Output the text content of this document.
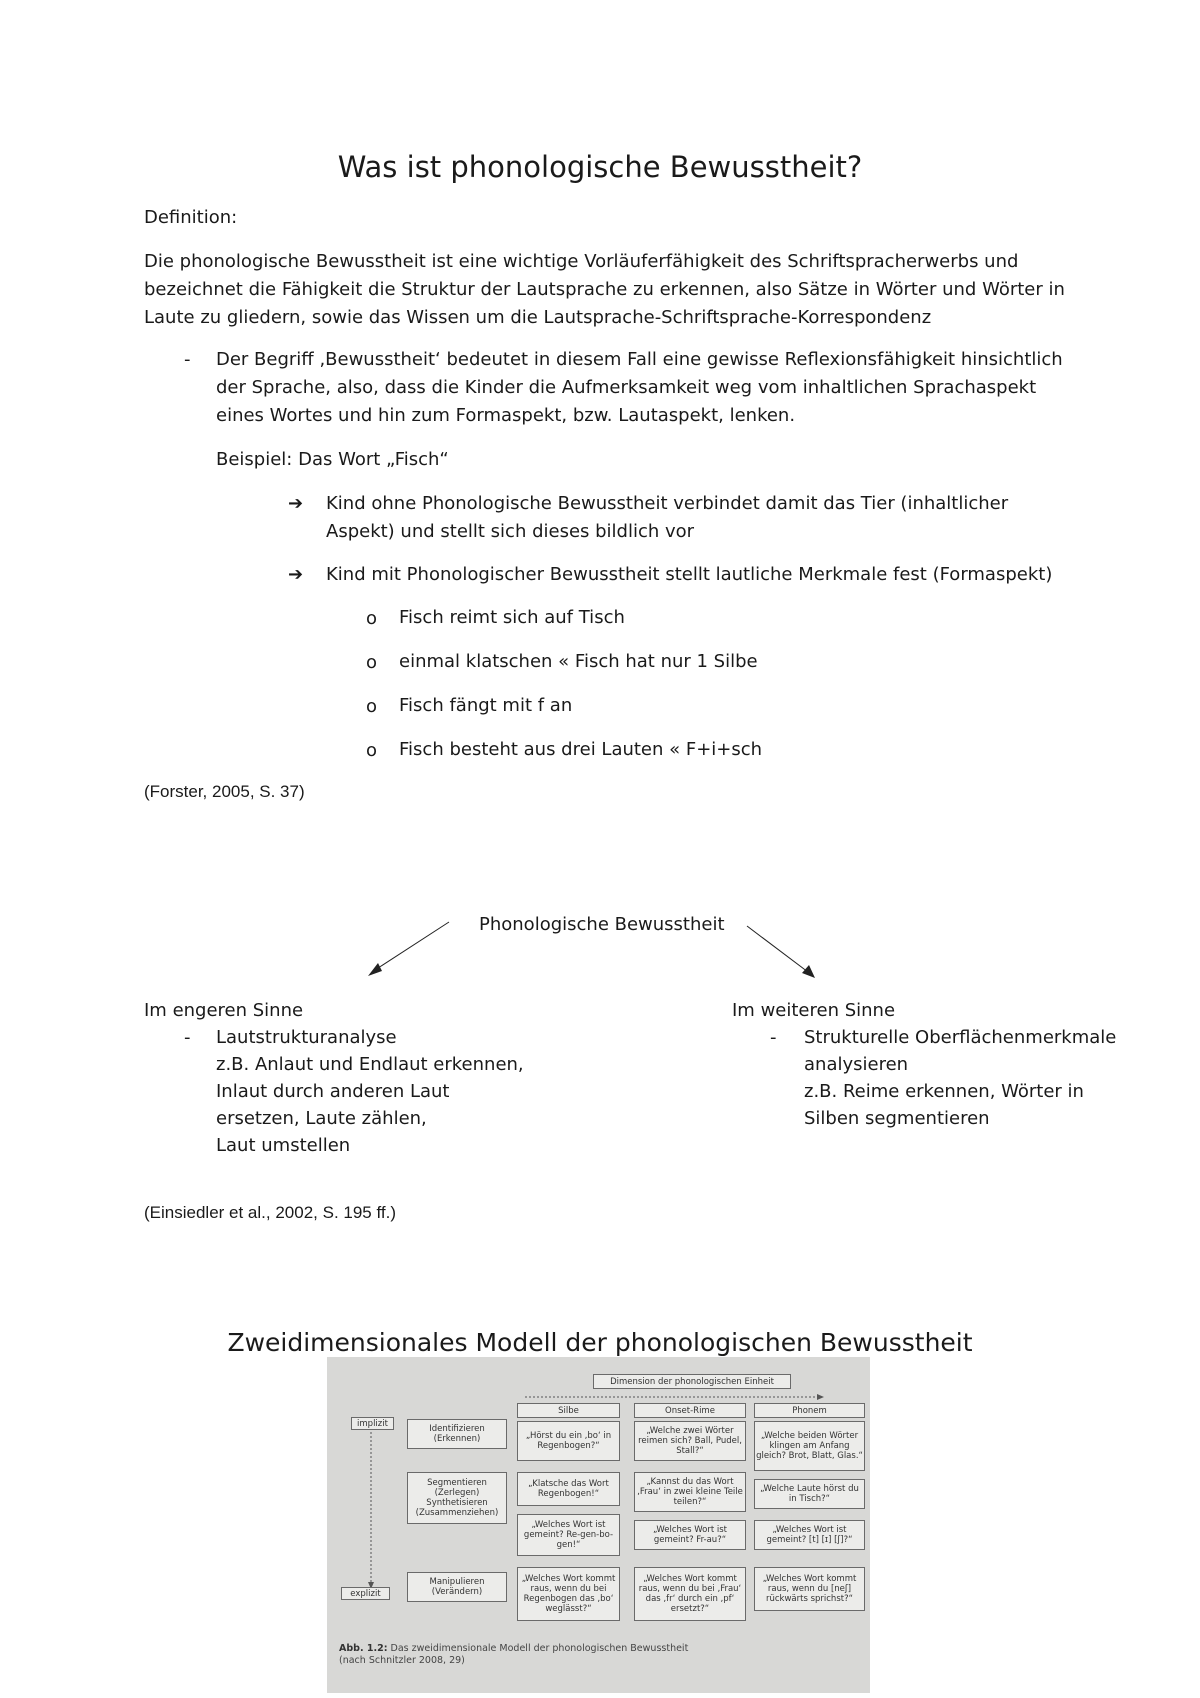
Was ist phonologische Bewusstheit?
Definition:
Die phonologische Bewusstheit ist eine wichtige Vorläuferfähigkeit des Schriftspracherwerbs und
bezeichnet die Fähigkeit die Struktur der Lautsprache zu erkennen, also Sätze in Wörter und Wörter in
Laute zu gliedern, sowie das Wissen um die Lautsprache-Schriftsprache-Korrespondenz
- Der Begriff ‚Bewusstheit‘ bedeutet in diesem Fall eine gewisse Reflexionsfähigkeit hinsichtlich
der Sprache, also, dass die Kinder die Aufmerksamkeit weg vom inhaltlichen Sprachaspekt
eines Wortes und hin zum Formaspekt, bzw. Lautaspekt, lenken.
Beispiel: Das Wort „Fisch“
➔ Kind ohne Phonologische Bewusstheit verbindet damit das Tier (inhaltlicher
Aspekt) und stellt sich dieses bildlich vor
➔ Kind mit Phonologischer Bewusstheit stellt lautliche Merkmale fest (Formaspekt)
o Fisch reimt sich auf Tisch
o einmal klatschen ⁠« Fisch hat nur 1 Silbe
o Fisch fängt mit f an
o Fisch besteht aus drei Lauten ⁠« F+i+sch
(Forster, 2005, S. 37)
Phonologische Bewusstheit
Im engeren Sinne
- Lautstrukturanalyse
z.B. Anlaut und Endlaut erkennen,
Inlaut durch anderen Laut
ersetzen, Laute zählen,
Laut umstellen
Im weiteren Sinne
- Strukturelle Oberflächenmerkmale
analysieren
z.B. Reime erkennen, Wörter in
Silben segmentieren
(Einsiedler et al., 2002, S. 195 ff.)
Zweidimensionales Modell der phonologischen Bewusstheit
Dimension der phonologischen Einheit
Silbe	Onset-Rime	Phonem
implizit
explizit
Identifizieren (Erkennen)
Segmentieren (Zerlegen) Synthetisieren (Zusammenziehen)
Manipulieren (Verändern)
„Hörst du ein ‚bo‘ in Regenbogen?“
„Welche zwei Wörter reimen sich? Ball, Pudel, Stall?“
„Welche beiden Wörter klingen am Anfang gleich? Brot, Blatt, Glas.“
„Klatsche das Wort Regenbogen!“
„Kannst du das Wort ‚Frau‘ in zwei kleine Teile teilen?“
„Welche Laute hörst du in Tisch?“
„Welches Wort ist gemeint? Re-gen-bo-gen!“
„Welches Wort ist gemeint? Fr-au?“
„Welches Wort ist gemeint? [t] [ɪ] [ʃ]?“
„Welches Wort kommt raus, wenn du bei Regenbogen das ‚bo‘ weglässt?“
„Welches Wort kommt raus, wenn du bei ‚Frau‘ das ‚fr‘ durch ein ‚pf‘ ersetzt?“
„Welches Wort kommt raus, wenn du [neʃ] rückwärts sprichst?“
Abb. 1.2: Das zweidimensionale Modell der phonologischen Bewusstheit
(nach Schnitzler 2008, 29)
